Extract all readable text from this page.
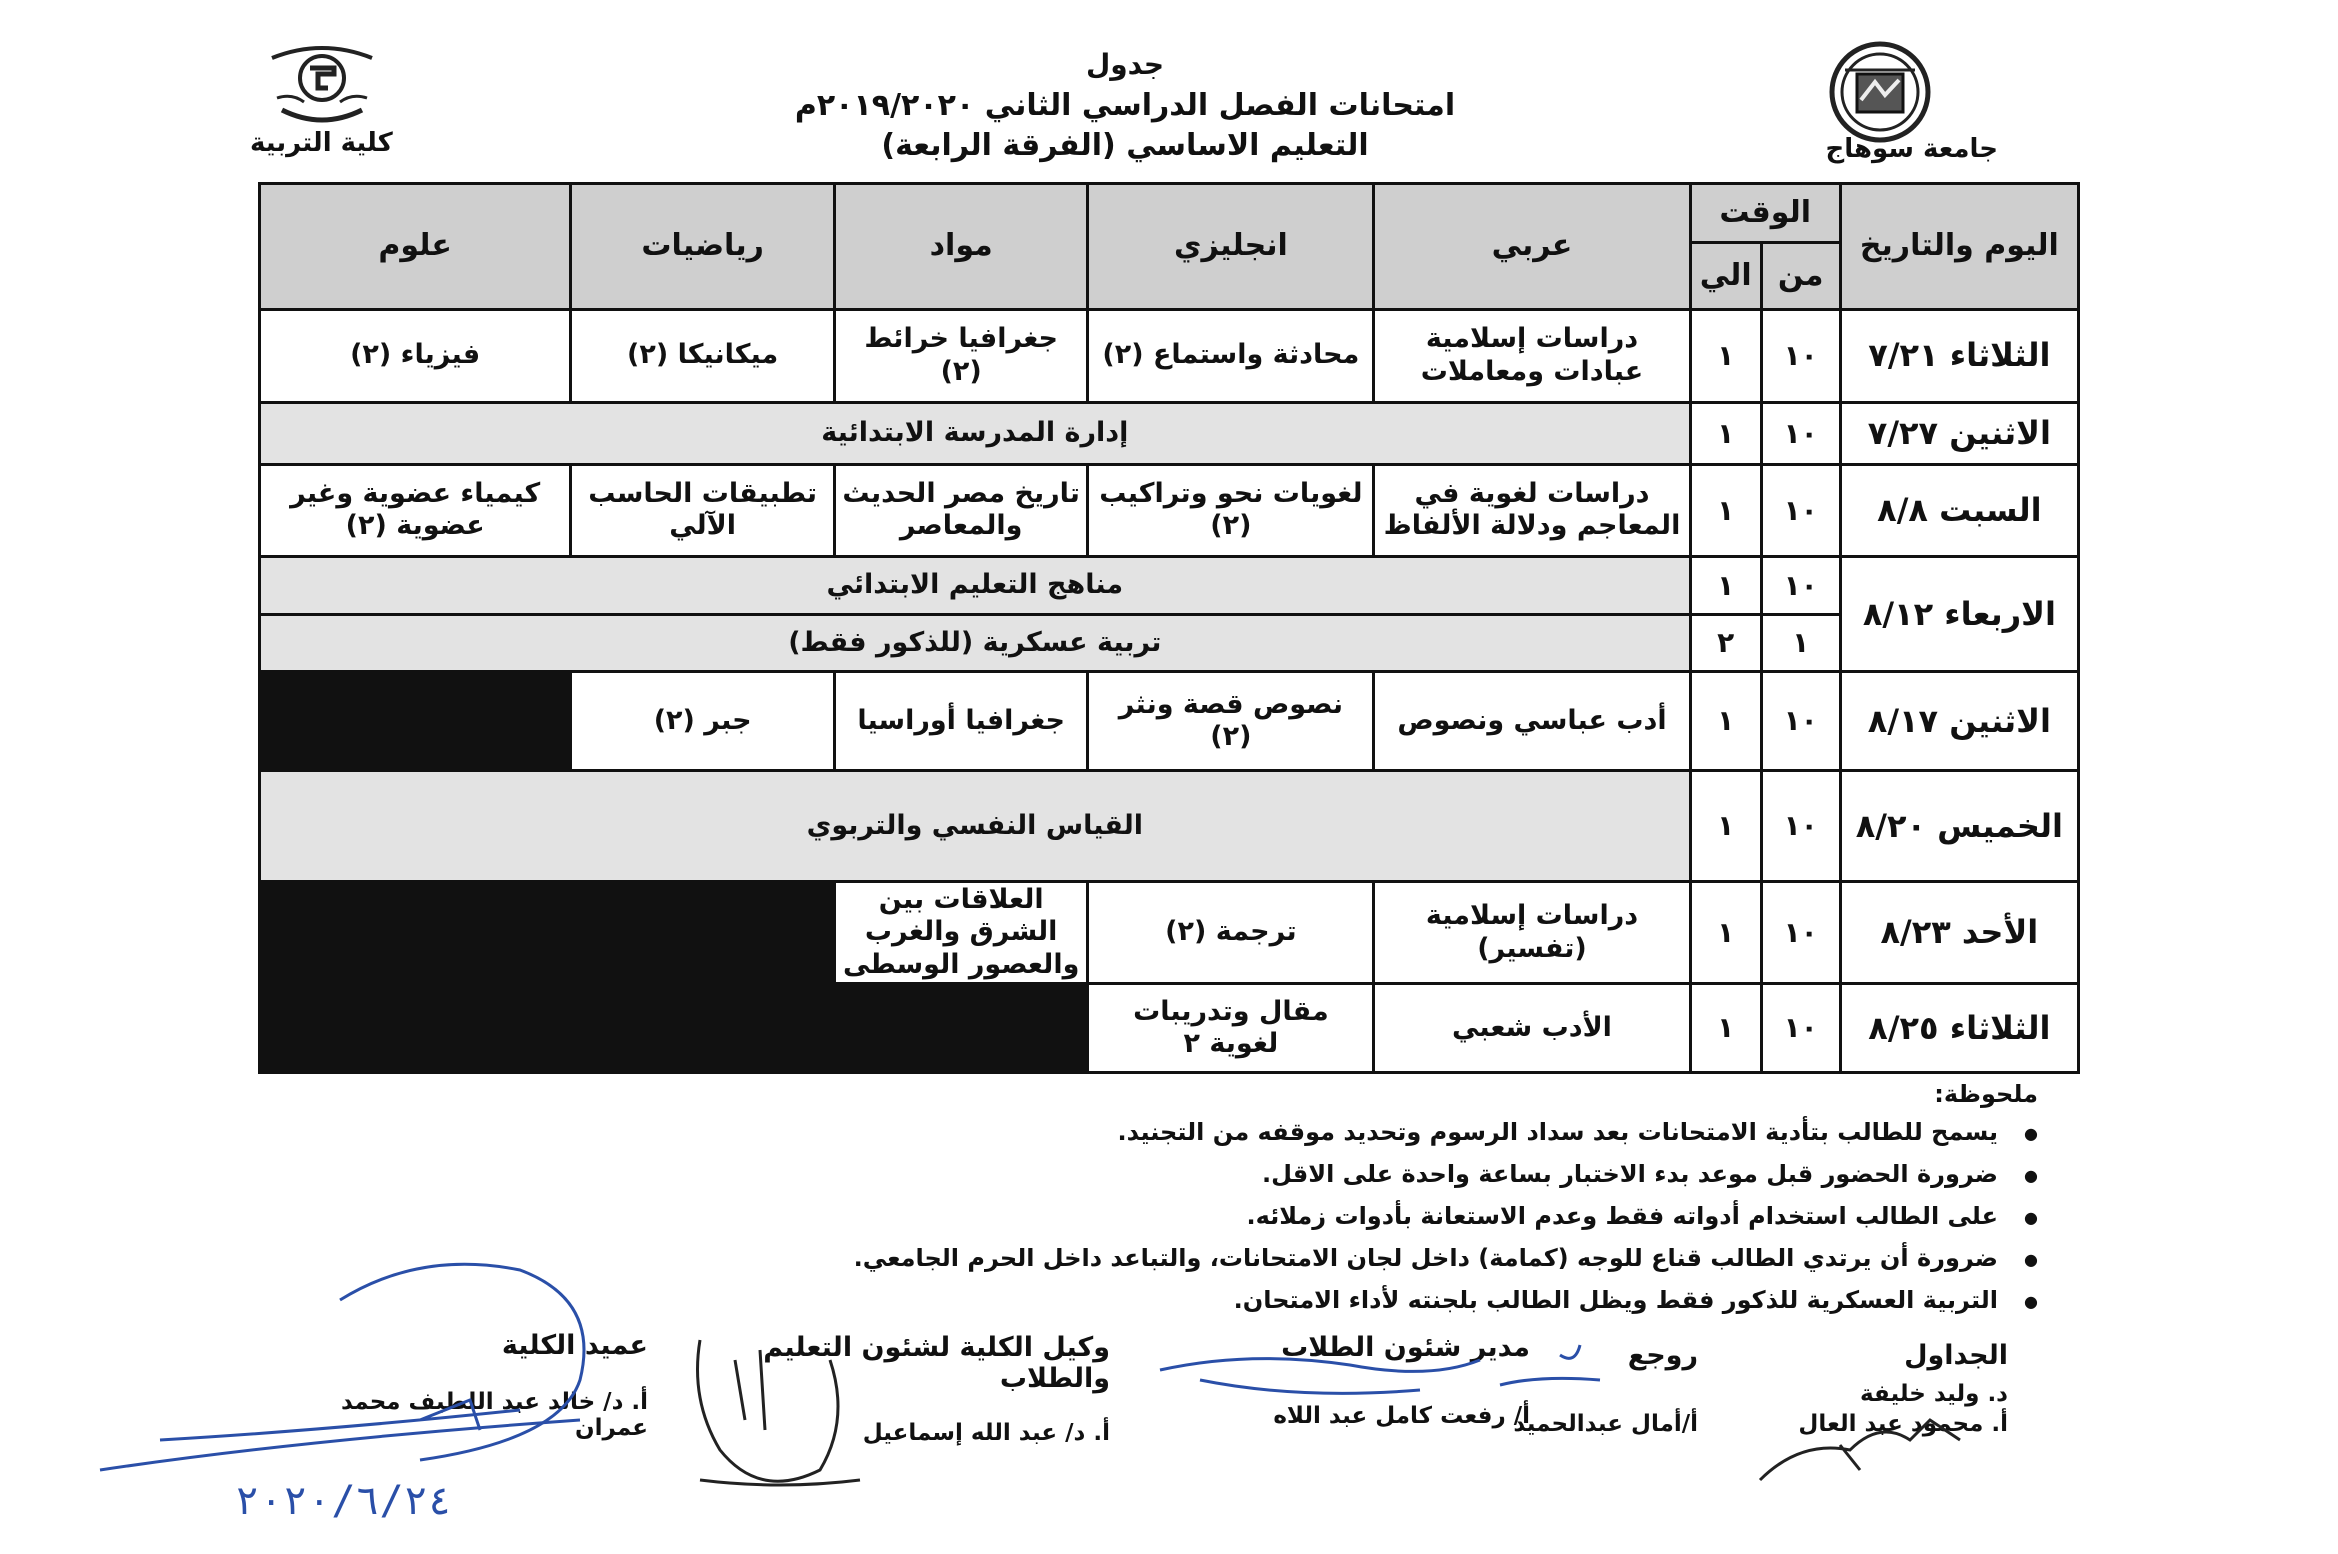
جدول
امتحانات الفصل الدراسي الثاني ٢٠١٩/٢٠٢٠م
(الفرقة الرابعة) التعليم الاساسي	جامعة سوهاج
كلية التربية
اليوم والتاريخ	الوقت		عربي	انجليزي	مواد	رياضيات	علوم
	من	الي					
الثلاثاء ٧/٢١	١٠	١	دراسات إسلامية عبادات ومعاملات	محادثة واستماع (٢)	جغرافيا خرائط (٢)	ميكانيكا (٢)	فيزياء (٢)
الاثنين ٧/٢٧	١٠	١	إدارة المدرسة الابتدائية				
السبت ٨/٨	١٠	١	دراسات لغوية في المعاجم ودلالة الألفاظ	لغويات نحو وتراكيب (٢)	تاريخ مصر الحديث والمعاصر	تطبيقات الحاسب الآلي	كيمياء عضوية وغير عضوية (٢)
الاربعاء ٨/١٢	١٠	١	مناهج التعليم الابتدائي				
	١	٢	تربية عسكرية (للذكور فقط)				
الاثنين ٨/١٧	١٠	١	أدب عباسي ونصوص	نصوص قصة ونثر (٢)	جغرافيا أوراسيا	جبر (٢)	
الخميس ٨/٢٠	١٠	١	القياس النفسي والتربوي				
الأحد ٨/٢٣	١٠	١	دراسات إسلامية (تفسير)	ترجمة (٢)	العلاقات بين الشرق والغرب والعصور الوسطى		
الثلاثاء ٨/٢٥	١٠	١	الأدب شعبي	مقال وتدريبات لغوية ٢			
ملحوظة:
● يسمح للطالب بتأدية الامتحانات بعد سداد الرسوم وتحديد موقفه من التجنيد.
● ضرورة الحضور قبل موعد بدء الاختبار بساعة واحدة على الاقل.
● على الطالب استخدام أدواته فقط وعدم الاستعانة بأدوات زملائه.
● ضرورة أن يرتدي الطالب قناع للوجه (كمامة) داخل لجان الامتحانات، والتباعد داخل الحرم الجامعي.
● التربية العسكرية للذكور فقط ويظل الطالب بلجنته لأداء الامتحان.
الجداول
د. وليد خليفة
أ. محمود عبد العال
روجع
أ/أمال عبدالحميد
مدير شئون الطلاب
أ/ رفعت كامل عبد اللاه
وكيل الكلية لشئون التعليم والطلاب
أ. د/ عبد الله إسماعيل
عميد الكلية
أ. د/ خالد عبد اللطيف محمد عمران
٢٠٢٠/٦/٢٤
